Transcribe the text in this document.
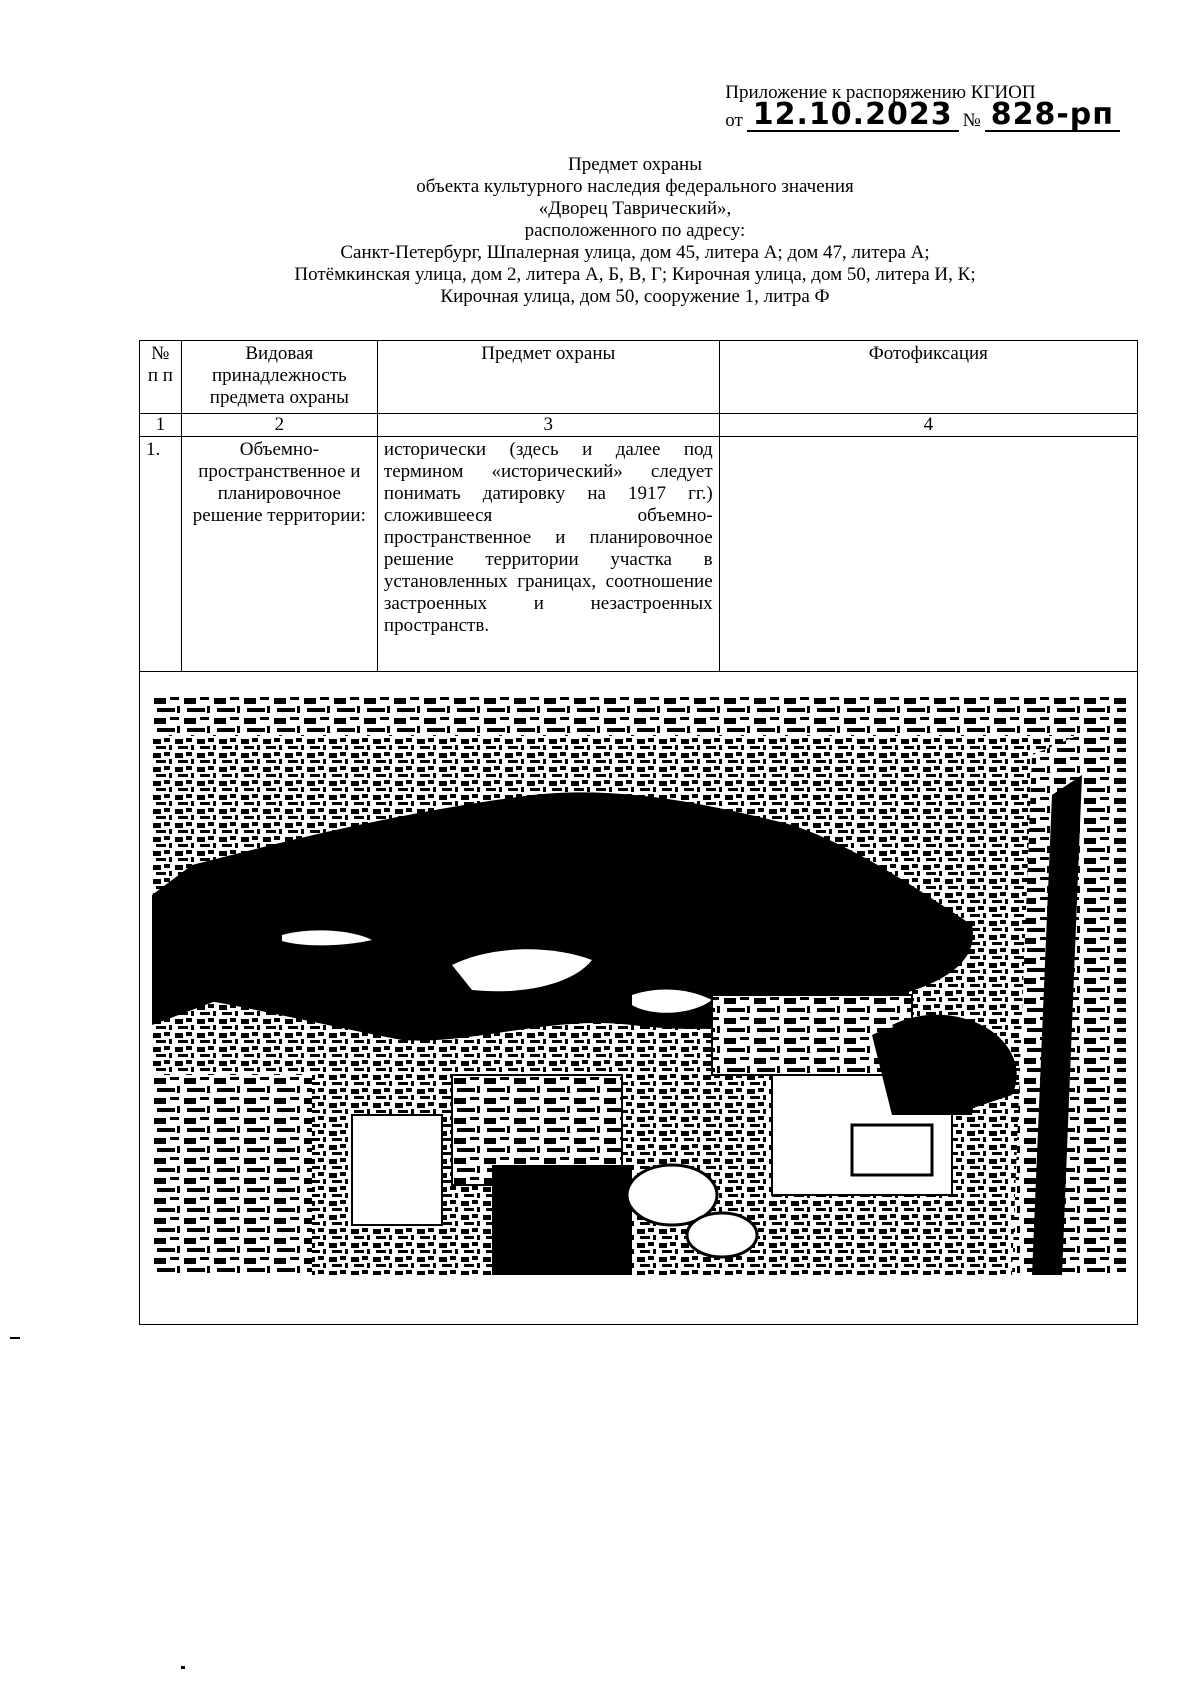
Приложение к распоряжению КГИОП
от 12.10.2023 № 828-рп
Предмет охраны
объекта культурного наследия федерального значения
«Дворец Таврический»,
расположенного по адресу:
Санкт-Петербург, Шпалерная улица, дом 45, литера А; дом 47, литера А;
Потёмкинская улица, дом 2, литера А, Б, В, Г; Кирочная улица, дом 50, литера И, К;
Кирочная улица, дом 50, сооружение 1, литра Ф
№ п п	Видовая принадлежность предмета охраны	Предмет охраны	Фотофиксация
1	2	3	4
1.	Объемно-пространственное и планировочное решение территории:	исторически (здесь и далее под термином «исторический» следует понимать датировку на 1917 гг.) сложившееся объемно-пространственное и планировочное решение территории участка в установленных границах, соотношение застроенных и незастроенных пространств.	
